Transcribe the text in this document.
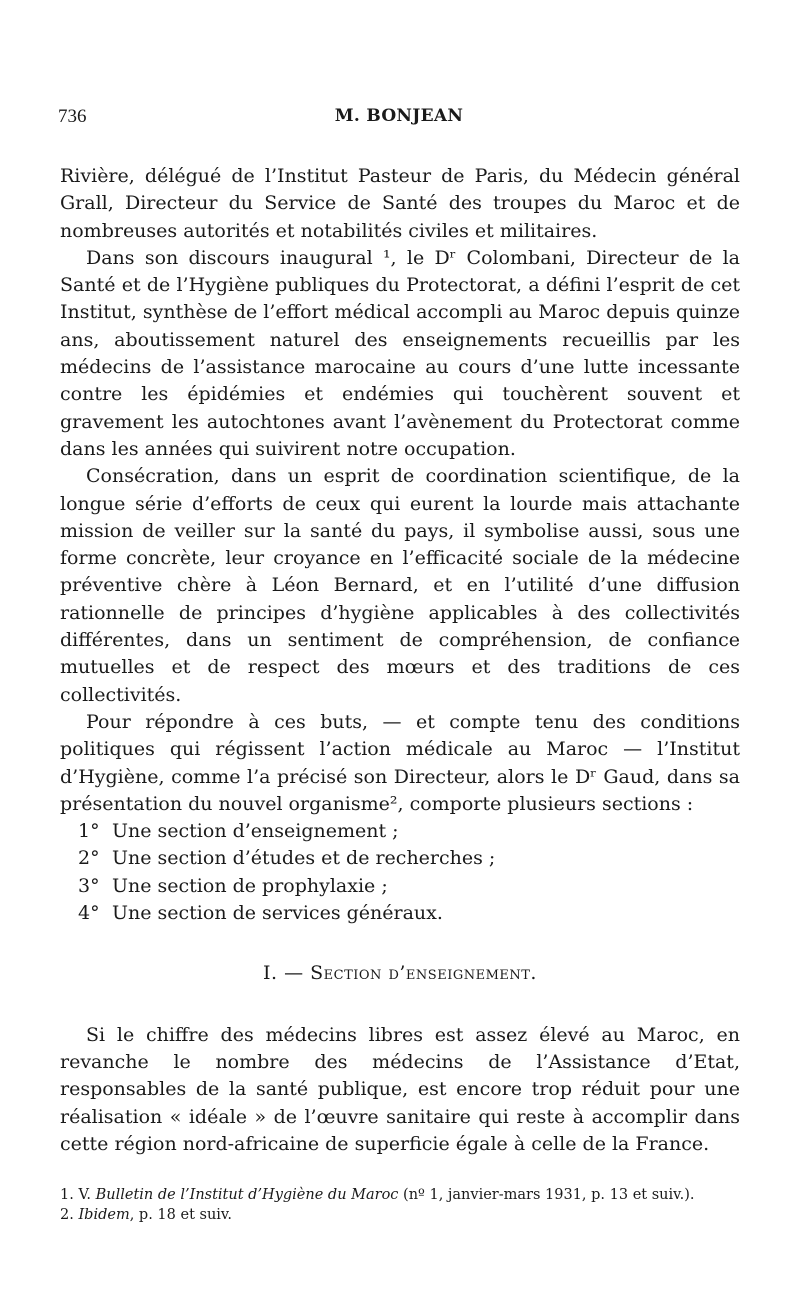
736	M. BONJEAN

Rivière, délégué de l’Institut Pasteur de Paris, du Médecin général Grall, Directeur du Service de Santé des troupes du Maroc et de nombreuses autorités et notabilités civiles et militaires.

Dans son discours inaugural ¹, le Dʳ Colombani, Directeur de la Santé et de l’Hygiène publiques du Protectorat, a défini l’esprit de cet Institut, synthèse de l’effort médical accompli au Maroc depuis quinze ans, aboutissement naturel des enseignements recueillis par les médecins de l’assistance marocaine au cours d’une lutte incessante contre les épidémies et endémies qui touchèrent souvent et gravement les autochtones avant l’avènement du Protectorat comme dans les années qui suivirent notre occupation.

Consécration, dans un esprit de coordination scientifique, de la longue série d’efforts de ceux qui eurent la lourde mais attachante mission de veiller sur la santé du pays, il symbolise aussi, sous une forme concrète, leur croyance en l’efficacité sociale de la médecine préventive chère à Léon Bernard, et en l’utilité d’une diffusion rationnelle de principes d’hygiène applicables à des collectivités différentes, dans un sentiment de compréhension, de confiance mutuelles et de respect des mœurs et des traditions de ces collectivités.

Pour répondre à ces buts, — et compte tenu des conditions politiques qui régissent l’action médicale au Maroc — l’Institut d’Hygiène, comme l’a précisé son Directeur, alors le Dʳ Gaud, dans sa présentation du nouvel organisme², comporte plusieurs sections :

1° Une section d’enseignement ;
2° Une section d’études et de recherches ;
3° Une section de prophylaxie ;
4° Une section de services généraux.
I. — Section d’enseignement.

Si le chiffre des médecins libres est assez élevé au Maroc, en revanche le nombre des médecins de l’Assistance d’Etat, responsables de la santé publique, est encore trop réduit pour une réalisation « idéale » de l’œuvre sanitaire qui reste à accomplir dans cette région nord-africaine de superficie égale à celle de la France.

1. V. Bulletin de l’Institut d’Hygiène du Maroc (nº 1, janvier-mars 1931, p. 13 et suiv.).

2. Ibidem, p. 18 et suiv.
